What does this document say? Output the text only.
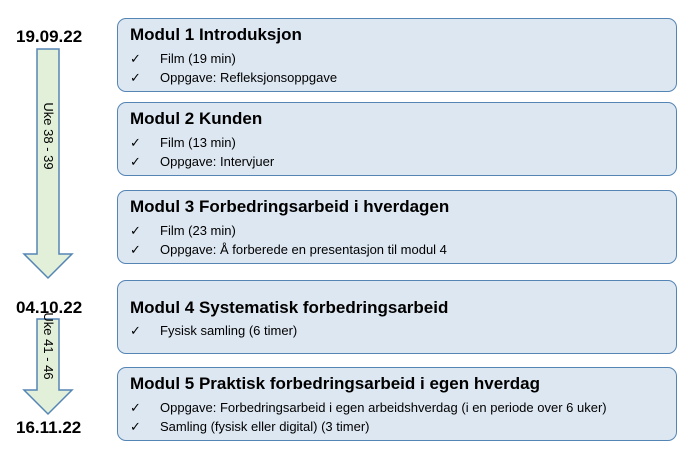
19.09.22
04.10.22
16.11.22
Uke 38 - 39
Uke 41 - 46
Modul 1 Introduksjon
✓ Film (19 min)
✓ Oppgave: Refleksjonsoppgave
Modul 2 Kunden
✓ Film (13 min)
✓ Oppgave: Intervjuer
Modul 3 Forbedringsarbeid i hverdagen
✓ Film (23 min)
✓ Oppgave: Å forberede en presentasjon til modul 4
Modul 4 Systematisk forbedringsarbeid
✓ Fysisk samling (6 timer)
Modul 5 Praktisk forbedringsarbeid i egen hverdag
✓ Oppgave: Forbedringsarbeid i egen arbeidshverdag (i en periode over 6 uker)
✓ Samling (fysisk eller digital) (3 timer)
